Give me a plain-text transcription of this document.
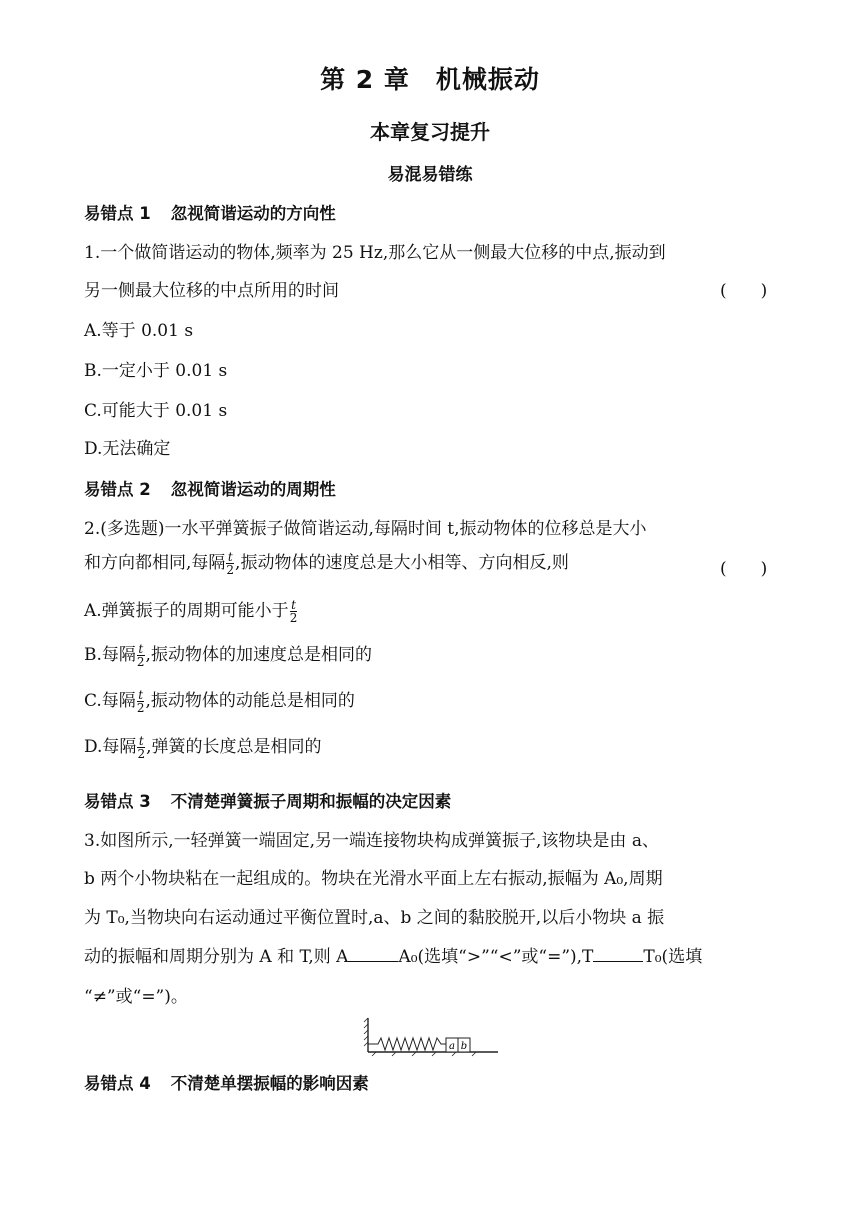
第 2 章　机械振动
本章复习提升
易混易错练
易错点 1 忽视简谐运动的方向性
1.一个做简谐运动的物体,频率为 25 Hz,那么它从一侧最大位移的中点,振动到
另一侧最大位移的中点所用的时间	(　　)
A.等于 0.01 s
B.一定小于 0.01 s
C.可能大于 0.01 s
D.无法确定
易错点 2 忽视简谐运动的周期性
2.(多选题)一水平弹簧振子做简谐运动,每隔时间 t,振动物体的位移总是大小
和方向都相同,每隔 $\frac{t}{2}$ ,振动物体的速度总是大小相等、方向相反,则	(　　)
A.弹簧振子的周期可能小于 $\frac{t}{2}$
B.每隔 $\frac{t}{2}$ ,振动物体的加速度总是相同的
C.每隔 $\frac{t}{2}$ ,振动物体的动能总是相同的
D.每隔 $\frac{t}{2}$ ,弹簧的长度总是相同的
易错点 3 不清楚弹簧振子周期和振幅的决定因素
3.如图所示,一轻弹簧一端固定,另一端连接物块构成弹簧振子,该物块是由 a、
b 两个小物块粘在一起组成的。物块在光滑水平面上左右振动,振幅为 A₀,周期
为 T₀,当物块向右运动通过平衡位置时,a、b 之间的黏胶脱开,以后小物块 a 振
动的振幅和周期分别为 A 和 T,则 A	A₀(选填“>”“<”或“=”),T	T₀(选填
“≠”或“=”)。
a b
易错点 4 不清楚单摆振幅的影响因素
